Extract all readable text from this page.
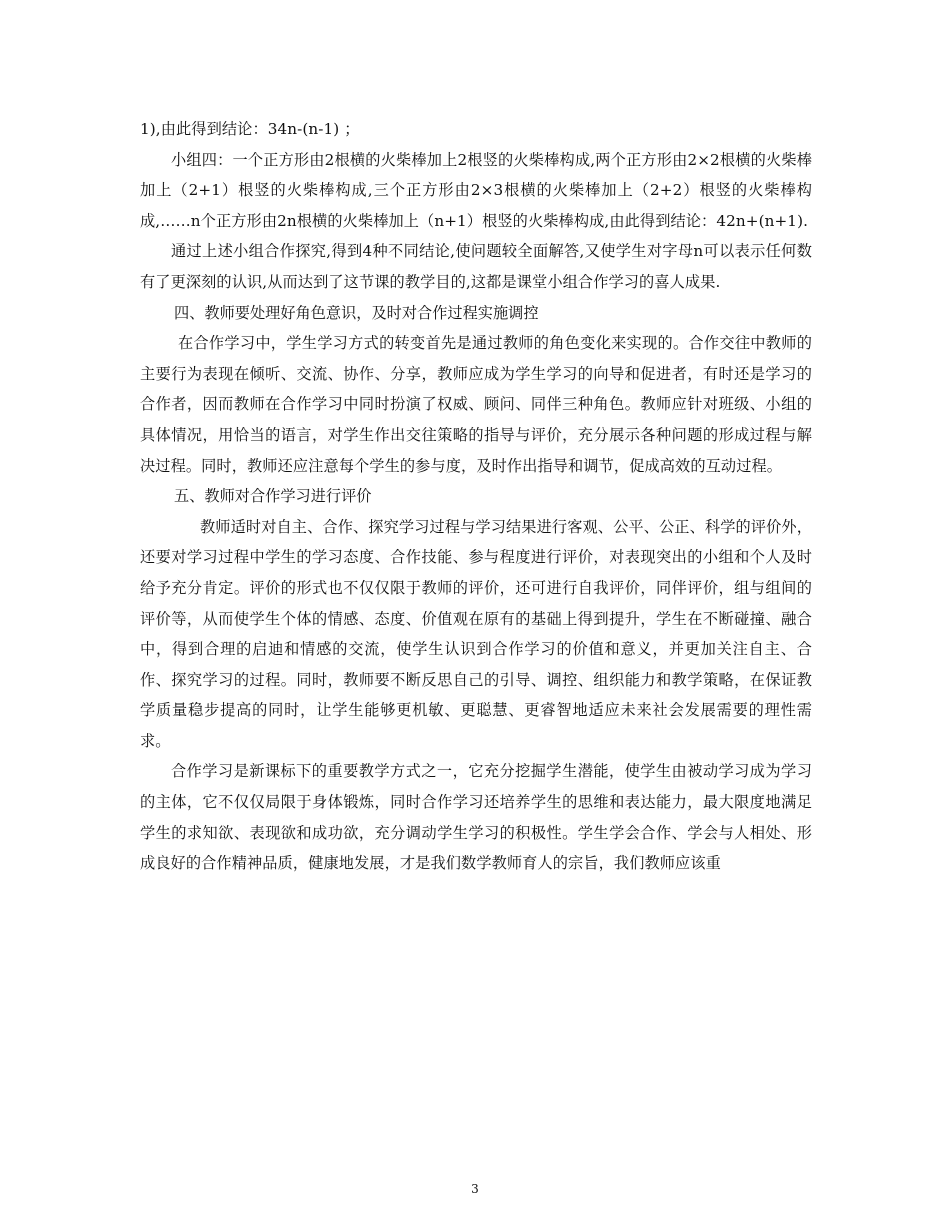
1),由此得到结论：34n-(n-1) ；

小组四：一个正方形由2根横的火柴棒加上2根竖的火柴棒构成,两个正方形由2×2根横的火柴棒加上（2+1）根竖的火柴棒构成,三个正方形由2×3根横的火柴棒加上（2+2）根竖的火柴棒构成,……n个正方形由2n根横的火柴棒加上（n+1）根竖的火柴棒构成,由此得到结论：42n+(n+1).

通过上述小组合作探究,得到4种不同结论,使问题较全面解答,又使学生对字母n可以表示任何数有了更深刻的认识,从而达到了这节课的教学目的,这都是课堂小组合作学习的喜人成果.

四、教师要处理好角色意识，及时对合作过程实施调控

在合作学习中，学生学习方式的转变首先是通过教师的角色变化来实现的。合作交往中教师的主要行为表现在倾听、交流、协作、分享，教师应成为学生学习的向导和促进者，有时还是学习的合作者，因而教师在合作学习中同时扮演了权威、顾问、同伴三种角色。教师应针对班级、小组的具体情况，用恰当的语言，对学生作出交往策略的指导与评价，充分展示各种问题的形成过程与解决过程。同时，教师还应注意每个学生的参与度，及时作出指导和调节，促成高效的互动过程。

五、教师对合作学习进行评价

教师适时对自主、合作、探究学习过程与学习结果进行客观、公平、公正、科学的评价外，还要对学习过程中学生的学习态度、合作技能、参与程度进行评价，对表现突出的小组和个人及时给予充分肯定。评价的形式也不仅仅限于教师的评价，还可进行自我评价，同伴评价，组与组间的评价等，从而使学生个体的情感、态度、价值观在原有的基础上得到提升，学生在不断碰撞、融合中，得到合理的启迪和情感的交流，使学生认识到合作学习的价值和意义，并更加关注自主、合作、探究学习的过程。同时，教师要不断反思自己的引导、调控、组织能力和教学策略，在保证教学质量稳步提高的同时，让学生能够更机敏、更聪慧、更睿智地适应未来社会发展需要的理性需求。

合作学习是新课标下的重要教学方式之一，它充分挖掘学生潜能，使学生由被动学习成为学习的主体，它不仅仅局限于身体锻炼，同时合作学习还培养学生的思维和表达能力，最大限度地满足学生的求知欲、表现欲和成功欲，充分调动学生学习的积极性。学生学会合作、学会与人相处、形成良好的合作精神品质，健康地发展，才是我们数学教师育人的宗旨，我们教师应该重

3
